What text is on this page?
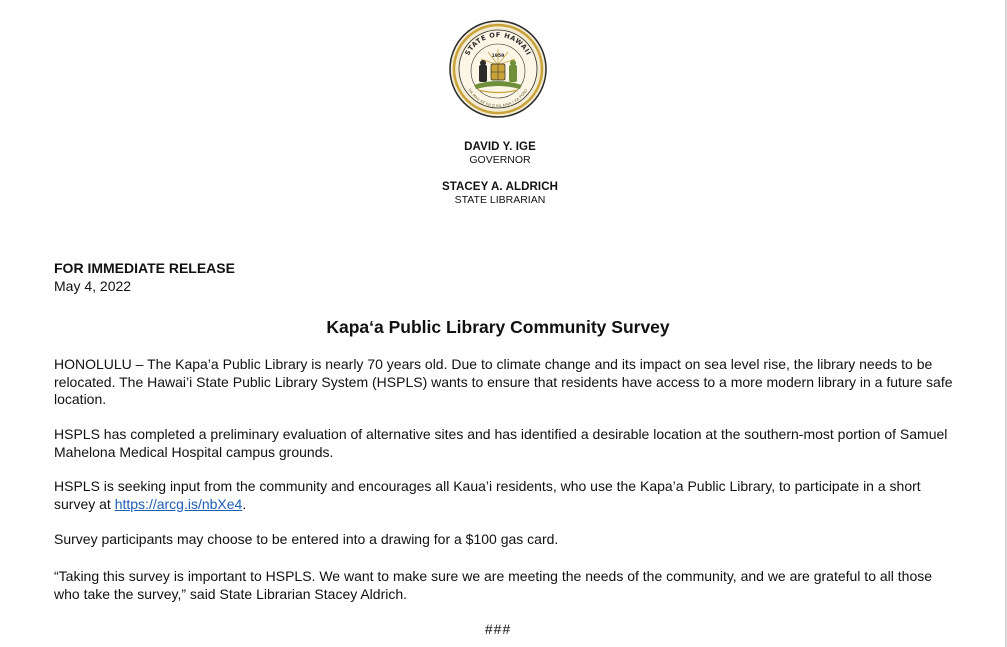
STATE OF HAWAII
UA MAU KE EA O KA AINA I KA PONO
1959
DAVID Y. IGE
GOVERNOR
STACEY A. ALDRICH
STATE LIBRARIAN
FOR IMMEDIATE RELEASE
May 4, 2022
Kapa‘a Public Library Community Survey

HONOLULU – The Kapa’a Public Library is nearly 70 years old. Due to climate change and its impact on sea level rise, the library needs to be relocated. The Hawai’i State Public Library System (HSPLS) wants to ensure that residents have access to a more modern library in a future safe location.

HSPLS has completed a preliminary evaluation of alternative sites and has identified a desirable location at the southern-most portion of Samuel Mahelona Medical Hospital campus grounds.

HSPLS is seeking input from the community and encourages all Kaua’i residents, who use the Kapa’a Public Library, to participate in a short survey at https://arcg.is/nbXe4.

Survey participants may choose to be entered into a drawing for a $100 gas card.

“Taking this survey is important to HSPLS. We want to make sure we are meeting the needs of the community, and we are grateful to all those who take the survey,” said State Librarian Stacey Aldrich.

###
